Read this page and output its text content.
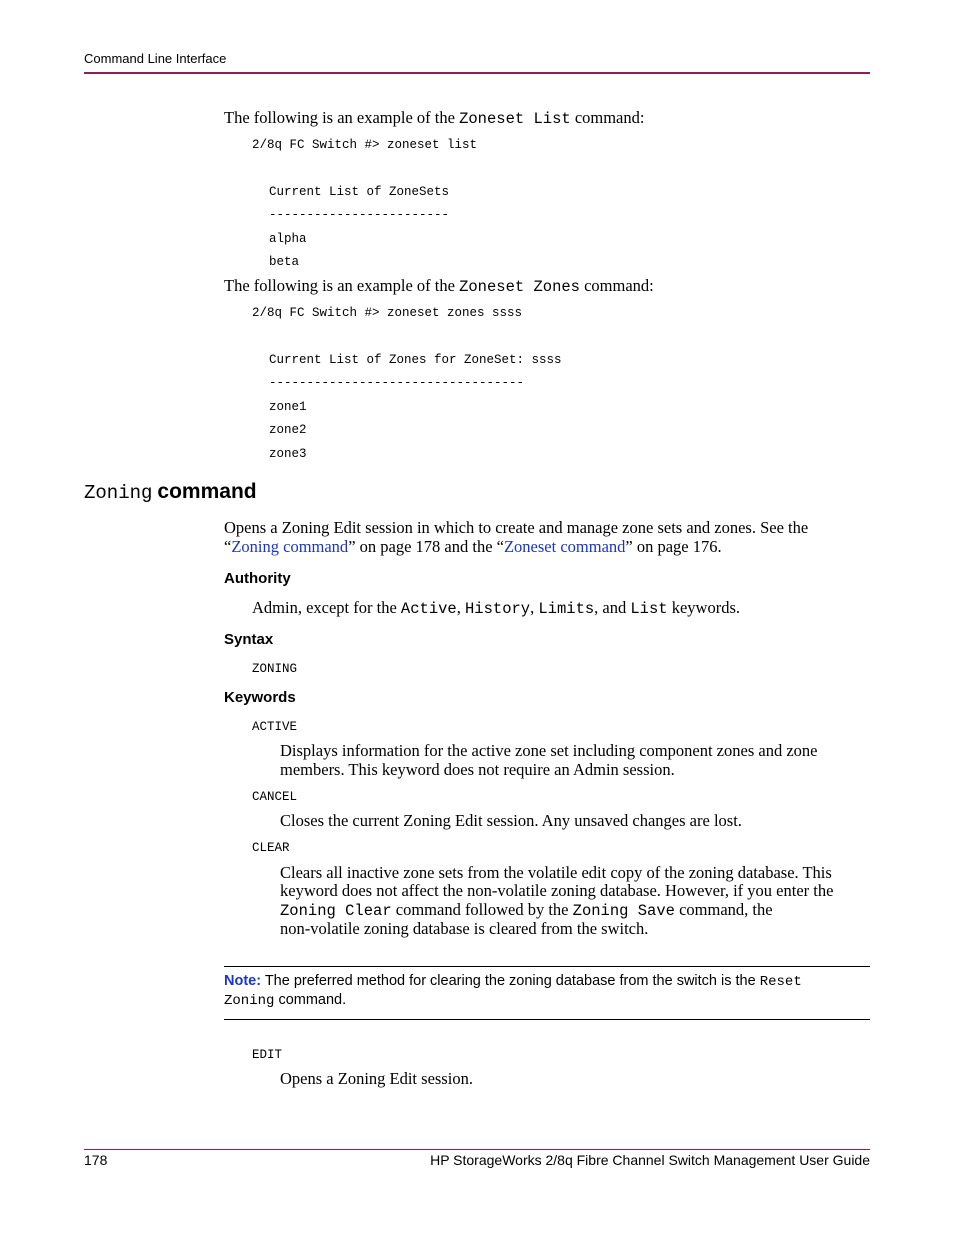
Command Line Interface
The following is an example of the Zoneset List command:
2/8q FC Switch #> zoneset list
Current List of ZoneSets
------------------------
alpha
beta
The following is an example of the Zoneset Zones command:
2/8q FC Switch #> zoneset zones ssss
Current List of Zones for ZoneSet: ssss
----------------------------------
zone1
zone2
zone3
Zoning command
Opens a Zoning Edit session in which to create and manage zone sets and zones. See the
“Zoning command” on page 178 and the “Zoneset command” on page 176.
Authority
Admin, except for the Active, History, Limits, and List keywords.
Syntax
ZONING
Keywords
ACTIVE
Displays information for the active zone set including component zones and zone
members. This keyword does not require an Admin session.
CANCEL
Closes the current Zoning Edit session. Any unsaved changes are lost.
CLEAR
Clears all inactive zone sets from the volatile edit copy of the zoning database. This
keyword does not affect the non-volatile zoning database. However, if you enter the
Zoning Clear command followed by the Zoning Save command, the
non-volatile zoning database is cleared from the switch.
Note: The preferred method for clearing the zoning database from the switch is the Reset
Zoning command.
EDIT
Opens a Zoning Edit session.
178	HP StorageWorks 2/8q Fibre Channel Switch Management User Guide
